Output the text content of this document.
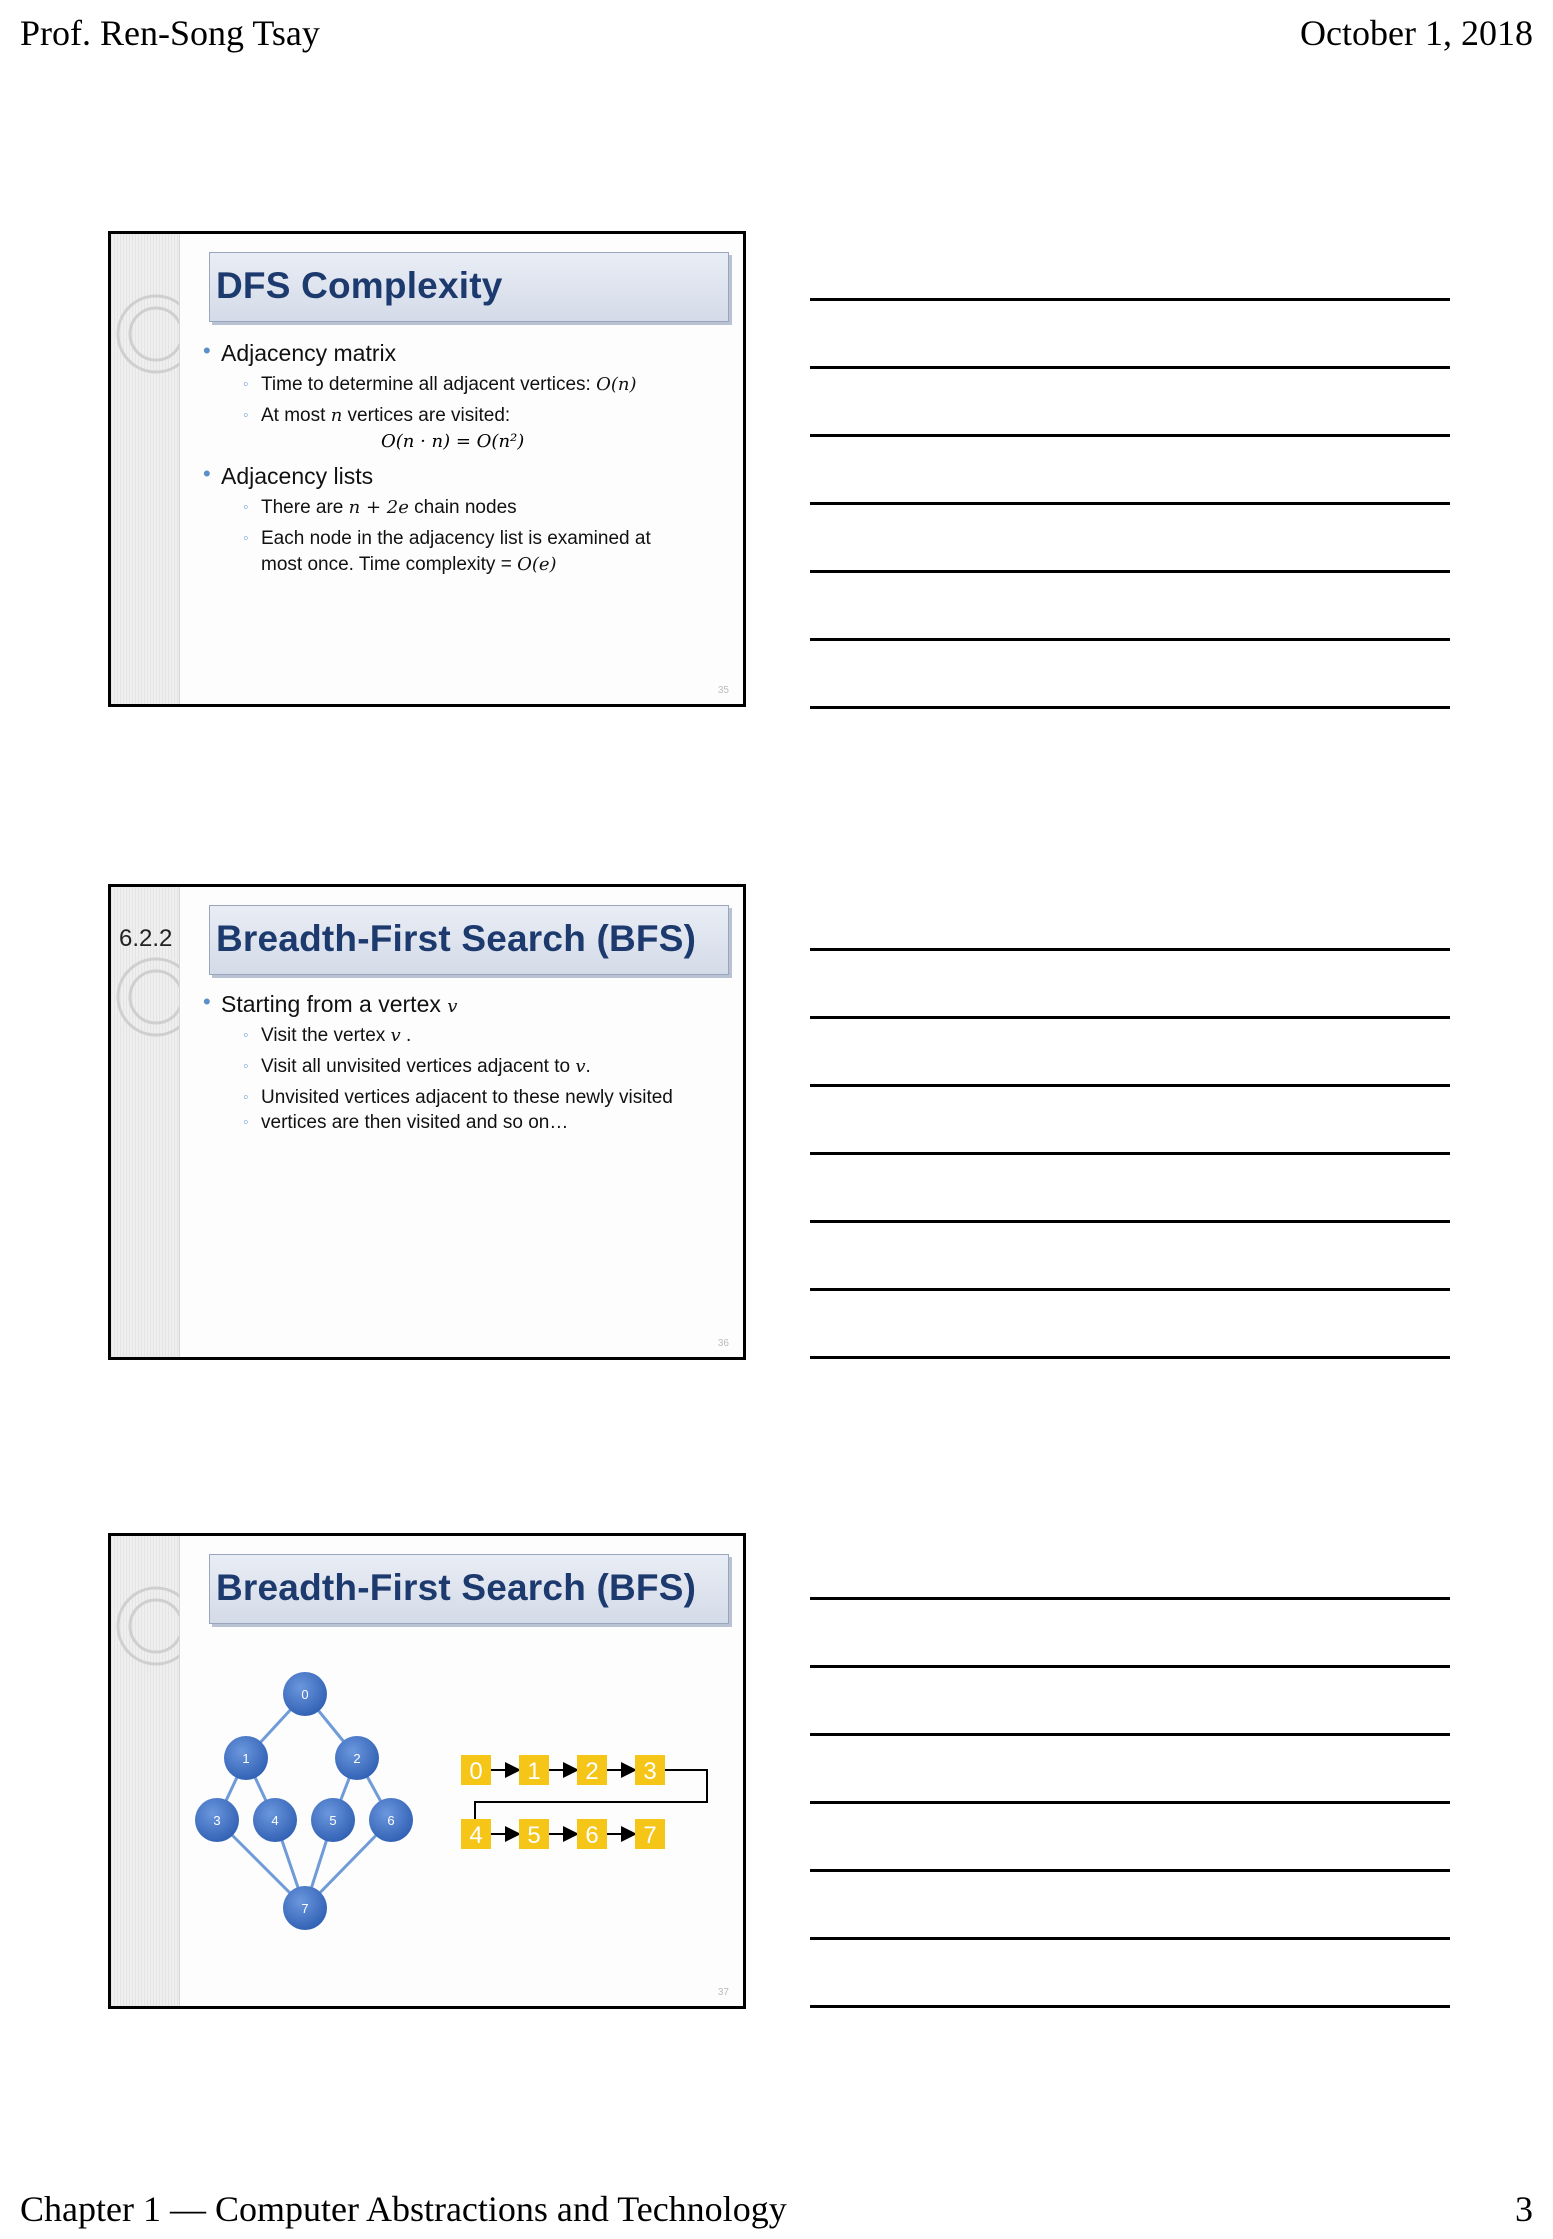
Prof. Ren-Song Tsay	October 1, 2018
DFS Complexity
• Adjacency matrix
◦ Time to determine all adjacent vertices: O(n)
◦ At most n vertices are visited:
O(n · n) = O(n²)
• Adjacency lists
◦ There are n + 2e chain nodes
◦ Each node in the adjacency list is examined at
most once. Time complexity = O(e)
35
6.2.2 Breadth-First Search (BFS)
• Starting from a vertex v
◦ Visit the vertex v .
◦ Visit all unvisited vertices adjacent to v.
◦ Unvisited vertices adjacent to these newly visited
◦ vertices are then visited and so on…
36
Breadth-First Search (BFS)
0
1	2
3	4	5	6
7
0 1 2 3
4 5 6 7
37
Chapter 1 — Computer Abstractions and Technology	3
